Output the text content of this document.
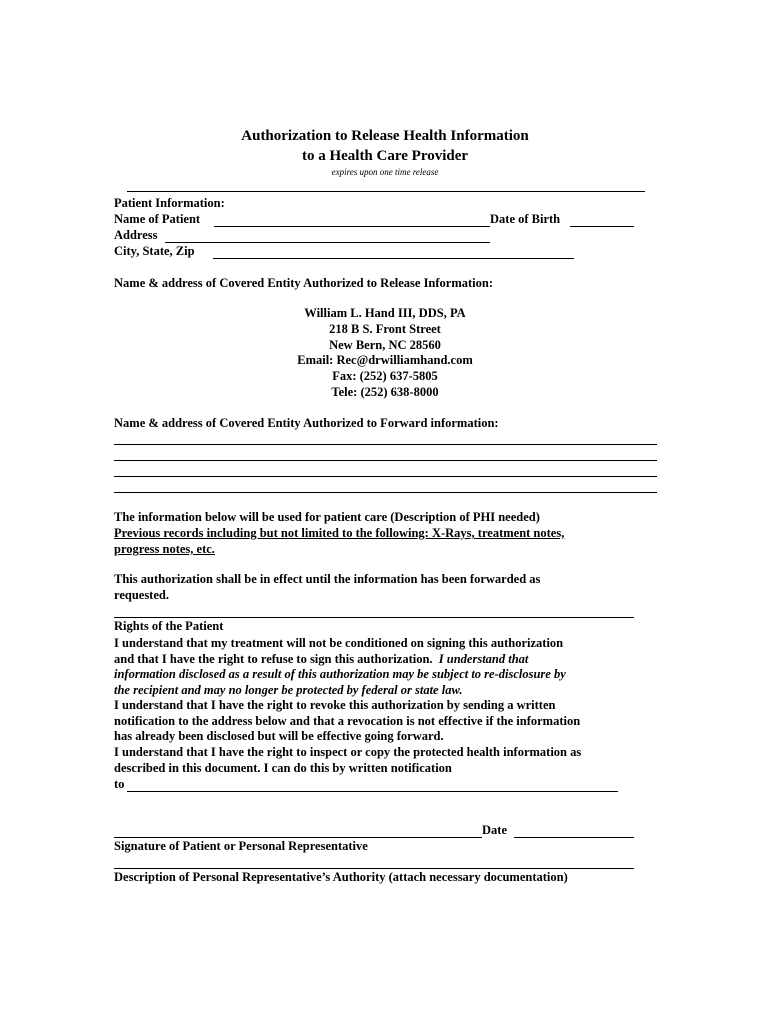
Authorization to Release Health Information
to a Health Care Provider
expires upon one time release
Patient Information:
Name of Patient	Date of Birth
Address
City, State, Zip
Name & address of Covered Entity Authorized to Release Information:
William L. Hand III, DDS, PA
218 B S. Front Street
New Bern, NC 28560
Email: Rec@drwilliamhand.com
Fax: (252) 637-5805
Tele: (252) 638-8000
Name & address of Covered Entity Authorized to Forward information:
The information below will be used for patient care (Description of PHI needed)
Previous records including but not limited to the following: X-Rays, treatment notes,
progress notes, etc.
This authorization shall be in effect until the information has been forwarded as
requested.
Rights of the Patient
I understand that my treatment will not be conditioned on signing this authorization
and that I have the right to refuse to sign this authorization. I understand that
information disclosed as a result of this authorization may be subject to re-disclosure by
the recipient and may no longer be protected by federal or state law.
I understand that I have the right to revoke this authorization by sending a written
notification to the address below and that a revocation is not effective if the information
has already been disclosed but will be effective going forward.
I understand that I have the right to inspect or copy the protected health information as
described in this document. I can do this by written notification
to
Date
Signature of Patient or Personal Representative
Description of Personal Representative’s Authority (attach necessary documentation)
